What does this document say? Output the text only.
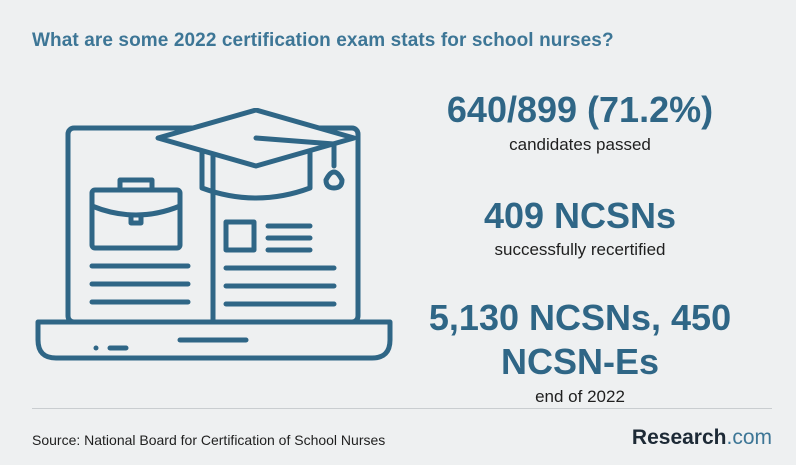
What are some 2022 certification exam stats for school nurses?
640/899 (71.2%)
candidates passed
409 NCSNs
successfully recertified
5,130 NCSNs, 450
NCSN-Es
end of 2022
Source: National Board for Certification of School Nurses	Research.com
